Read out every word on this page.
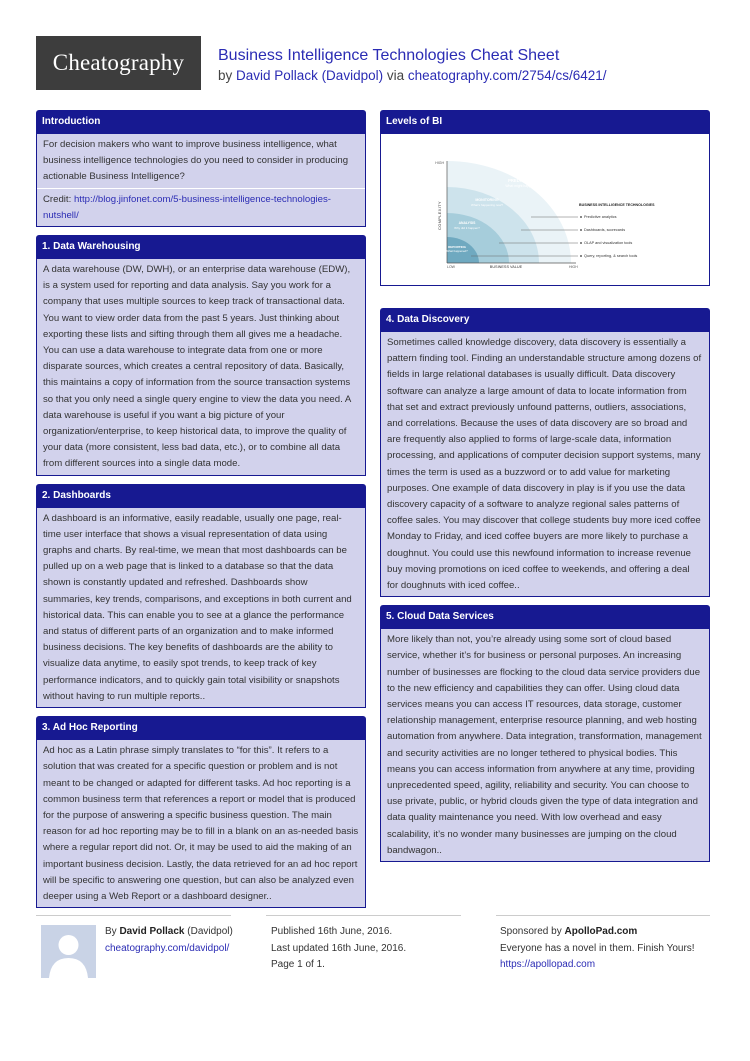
Cheatography	Business Intelligence Technologies Cheat Sheet
by David Pollack (Davidpol) via cheatography.com/2754/cs/6421/
Introduction

For decision makers who want to improve business intelligence, what business intelligence technologies do you need to consider in producing actionable Business Intelligence?

Credit: http://blog.jinfonet.com/5-business-intelligence-technologies-nutshell/

1. Data Warehousing

A data warehouse (DW, DWH), or an enterprise data warehouse (EDW), is a system used for reporting and data analysis. Say you work for a company that uses multiple sources to keep track of transactional data. You want to view order data from the past 5 years. Just thinking about exporting these lists and sifting through them all gives me a headache. You can use a data warehouse to integrate data from one or more disparate sources, which creates a central repository of data. Basically, this maintains a copy of information from the source transaction systems so that you only need a single query engine to view the data you need. A data warehouse is useful if you want a big picture of your organization/enterprise, to keep historical data, to improve the quality of your data (more consistent, less bad data, etc.), or to combine all data from different sources into a single data mode.

2. Dashboards

A dashboard is an informative, easily readable, usually one page, real-time user interface that shows a visual representation of data using graphs and charts. By real-time, we mean that most dashboards can be pulled up on a web page that is linked to a database so that the data shown is constantly updated and refreshed. Dashboards show summaries, key trends, comparisons, and exceptions in both current and historical data. This can enable you to see at a glance the performance and status of different parts of an organization and to make informed business decisions. The key benefits of dashboards are the ability to visualize data anytime, to easily spot trends, to keep track of key performance indicators, and to quickly gain total visibility or snapshots without having to run multiple reports..

3. Ad Hoc Reporting

Ad hoc as a Latin phrase simply translates to “for this”. It refers to a solution that was created for a specific question or problem and is not meant to be changed or adapted for different tasks. Ad hoc reporting is a common business term that references a report or model that is produced for the purpose of answering a specific business question. The main reason for ad hoc reporting may be to fill in a blank on an as-needed basis where a regular report did not. Or, it may be used to aid the making of an important business decision. Lastly, the data retrieved for an ad hoc report will be specific to answering one question, but can also be analyzed even deeper using a Web Report or a dashboard designer..

Levels of BI
COMPLEXITY
HIGH
LOW	BUSINESS VALUE	HIGH
PREDICTION
What might happen?
MONITORING
What's happening now?
ANALYSIS
Why did it happen?
REPORTING
What happened?
BUSINESS INTELLIGENCE TECHNOLOGIES
Predictive analytics
Dashboards, scorecards
OLAP and visualization tools
Query, reporting, & search tools
4. Data Discovery

Sometimes called knowledge discovery, data discovery is essentially a pattern finding tool. Finding an understandable structure among dozens of fields in large relational databases is usually difficult. Data discovery software can analyze a large amount of data to locate information from that set and extract previously unfound patterns, outliers, associations, and correlations. Because the uses of data discovery are so broad and are frequently also applied to forms of large-scale data, information processing, and applications of computer decision support systems, many times the term is used as a buzzword or to add value for marketing purposes. One example of data discovery in play is if you use the data discovery capacity of a software to analyze regional sales patterns of coffee sales. You may discover that college students buy more iced coffee Monday to Friday, and iced coffee buyers are more likely to purchase a doughnut. You could use this newfound information to increase revenue buy moving promotions on iced coffee to weekends, and offering a deal for doughnuts with iced coffee..

5. Cloud Data Services

More likely than not, you’re already using some sort of cloud based service, whether it’s for business or personal purposes. An increasing number of businesses are flocking to the cloud data service providers due to the new efficiency and capabilities they can offer. Using cloud data services means you can access IT resources, data storage, customer relationship management, enterprise resource planning, and web hosting automation from anywhere. Data integration, transformation, management and security activities are no longer tethered to physical bodies. This means you can access information from anywhere at any time, providing unprecedented speed, agility, reliability and security. You can choose to use private, public, or hybrid clouds given the type of data integration and data quality maintenance you need. With low overhead and easy scalability, it’s no wonder many businesses are jumping on the cloud bandwagon..

By David Pollack (Davidpol)
cheatography.com/davidpol/
Published 16th June, 2016.
Last updated 16th June, 2016.
Page 1 of 1.
Sponsored by ApolloPad.com
Everyone has a novel in them. Finish Yours!
https://apollopad.com
